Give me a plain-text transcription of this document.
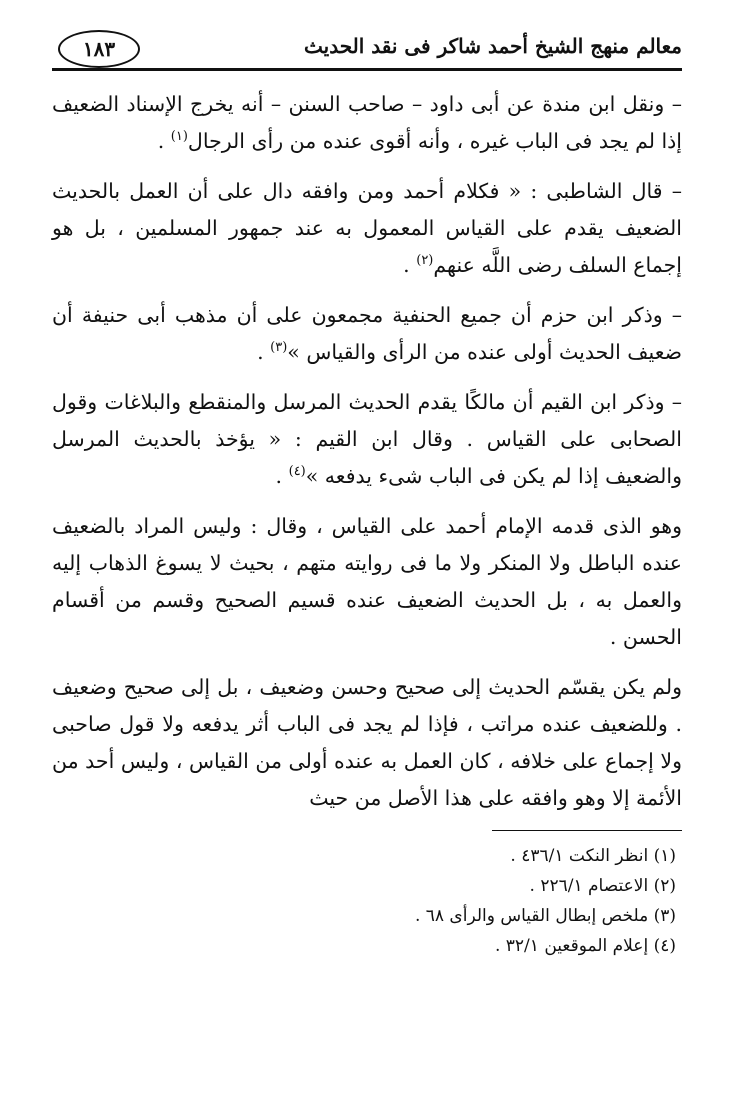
معالم منهج الشيخ أحمد شاكر فى نقد الحديث
١٨٣

– ونقل ابن مندة عن أبى داود – صاحب السنن – أنه يخرج الإسناد الضعيف إذا لم يجد فى الباب غيره ، وأنه أقوى عنده من رأى الرجال$^{(١)}$ .

– قال الشاطبى : « فكلام أحمد ومن وافقه دال على أن العمل بالحديث الضعيف يقدم على القياس المعمول به عند جمهور المسلمين ، بل هو إجماع السلف رضى اللَّه عنهم$^{(٢)}$ .

– وذكر ابن حزم أن جميع الحنفية مجمعون على أن مذهب أبى حنيفة أن ضعيف الحديث أولى عنده من الرأى والقياس »$^{(٣)}$ .

– وذكر ابن القيم أن مالكًا يقدم الحديث المرسل والمنقطع والبلاغات وقول الصحابى على القياس . وقال ابن القيم : « يؤخذ بالحديث المرسل والضعيف إذا لم يكن فى الباب شىء يدفعه »$^{(٤)}$ .

وهو الذى قدمه الإمام أحمد على القياس ، وقال : وليس المراد بالضعيف عنده الباطل ولا المنكر ولا ما فى روايته متهم ، بحيث لا يسوغ الذهاب إليه والعمل به ، بل الحديث الضعيف عنده قسيم الصحيح وقسم من أقسام الحسن .

ولم يكن يقسّم الحديث إلى صحيح وحسن وضعيف ، بل إلى صحيح وضعيف . وللضعيف عنده مراتب ، فإذا لم يجد فى الباب أثر يدفعه ولا قول صاحبى ولا إجماع على خلافه ، كان العمل به عنده أولى من القياس ، وليس أحد من الأئمة إلا وهو وافقه على هذا الأصل من حيث

(١) انظر النكت ٤٣٦/١ .
(٢) الاعتصام ٢٢٦/١ .
(٣) ملخص إبطال القياس والرأى ٦٨ .
(٤) إعلام الموقعين ٣٢/١ .
